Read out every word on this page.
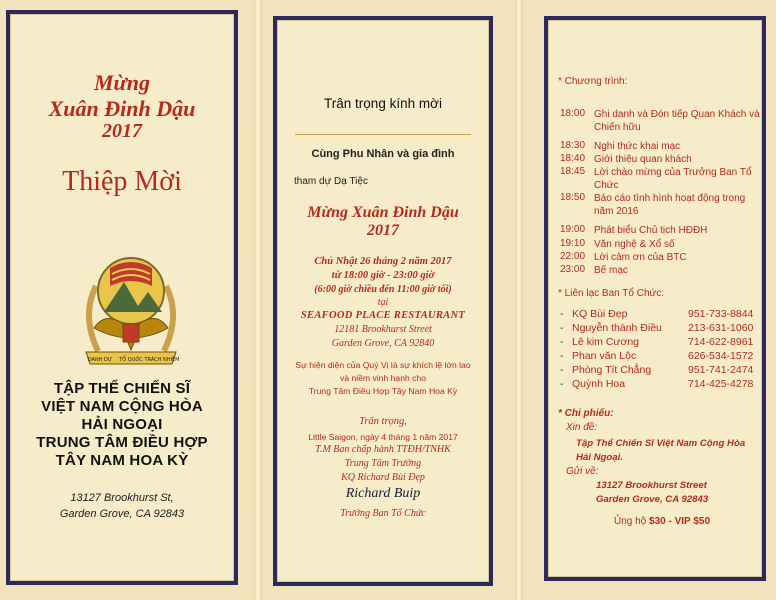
Mừng
Xuân Đinh Dậu
2017
Thiệp Mời
DANH DỰ TỔ QUỐC TRÁCH NHIỆM
TẬP THỂ CHIẾN SĨ
VIỆT NAM CỘNG HÒA
HẢI NGOẠI
TRUNG TÂM ĐIỀU HỢP
TÂY NAM HOA KỲ
13127 Brookhurst St,
Garden Grove, CA 92843
Trân trọng kính mời
Cùng Phu Nhân và gia đình
tham dự Dạ Tiệc
Mừng Xuân Đinh Dậu
2017
Chủ Nhật 26 tháng 2 năm 2017
từ 18:00 giờ - 23:00 giờ
(6:00 giờ chiều đến 11:00 giờ tối)
tại
SEAFOOD PLACE RESTAURANT
12181 Brookhurst Street
Garden Grove, CA 92840
Sự hiện diện của Quý Vị là sự khích lệ lớn lao
và niềm vinh hạnh cho
Trung Tâm Điều Hợp Tây Nam Hoa Kỳ
Trân trọng,
Little Saigon, ngày 4 tháng 1 năm 2017
T.M Ban chấp hành TTĐH/TNHK
Trung Tâm Trưởng
KQ Richard Bùi Đẹp
Richard Buip
Trưởng Ban Tổ Chức
* Chương trình:
18:00 Ghi danh và Đón tiếp Quan Khách và Chiến hữu
18:30 Nghi thức khai mạc
18:40 Giới thiệu quan khách
18:45 Lời chào mừng của Trưởng Ban Tổ Chức
18:50 Báo cáo tình hình hoạt động trong năm 2016
19:00 Phát biểu Chủ tịch HĐĐH
19:10 Văn nghệ & Xổ số
22:00 Lời cảm ơn của BTC
23:00 Bế mạc
* Liên lạc Ban Tổ Chức:
- KQ Bùi Đẹp	951-733-8844
- Nguyễn thành Điều	213-631-1060
- Lê kim Cương	714-622-8961
- Phan văn Lộc	626-534-1572
- Phòng Tít Chẳng	951-741-2474
- Quỳnh Hoa	714-425-4278
* Chi phiếu:
Xin đề:
Tập Thể Chiến Sĩ Việt Nam Cộng Hòa
Hải Ngoại.
Gửi về:
13127 Brookhurst Street
Garden Grove, CA 92843
Ủng hộ $30 - VIP $50
